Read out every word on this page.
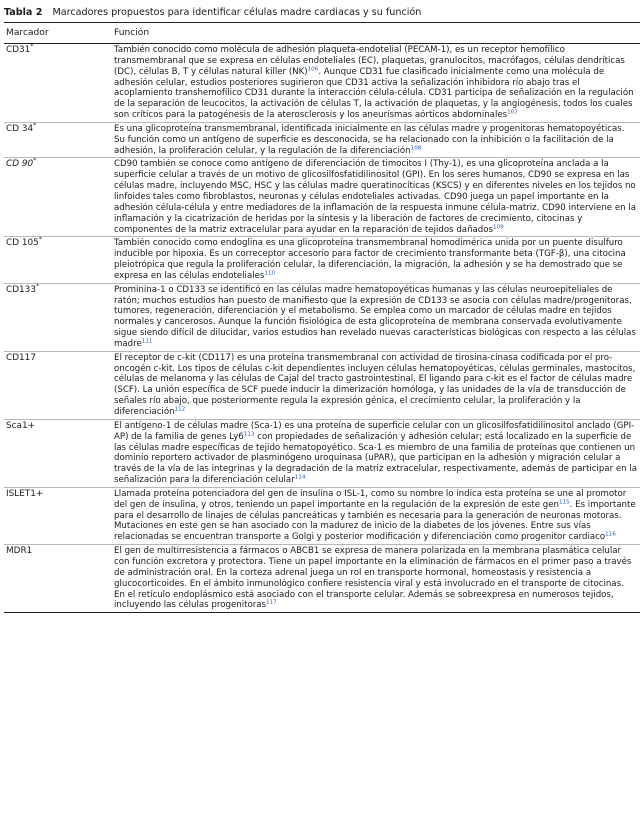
Tabla 2 Marcadores propuestos para identificar células madre cardiacas y su función
Marcador	Función
CD31*	También conocido como molécula de adhesión plaqueta-endotelial (PECAM-1), es un receptor hemofílico transmembranal que se expresa en células endoteliales (EC), plaquetas, granulocitos, macrófagos, células dendríticas (DC), células B, T y células natural killer (NK)$^{106}$. Aunque CD31 fue clasificado inicialmente como una molécula de adhesión celular, estudios posteriores sugirieron que CD31 activa la señalización inhibidora río abajo tras el acoplamiento transhemofílico CD31 durante la interacción célula-célula. CD31 participa de señalización en la regulación de la separación de leucocitos, la activación de células T, la activación de plaquetas, y la angiogénesis, todos los cuales son críticos para la patogénesis de la aterosclerosis y los aneurismas aórticos abdominales$^{107}$
CD 34*	Es una glicoproteína transmembranal, identificada inicialmente en las células madre y progenitoras hematopoyéticas. Su función como un antígeno de superficie es desconocida, se ha relacionado con la inhibición o la facilitación de la adhesión, la proliferación celular, y la regulación de la diferenciación$^{108}$
CD 90*	CD90 también se conoce como antígeno de diferenciación de timocitos I (Thy-1), es una glicoproteína anclada a la superficie celular a través de un motivo de glicosilfosfatidilinositol (GPI). En los seres humanos, CD90 se expresa en las células madre, incluyendo MSC, HSC y las células madre queratinocíticas (KSCS) y en diferentes niveles en los tejidos no linfoides tales como fibroblastos, neuronas y células endoteliales activadas. CD90 juega un papel importante en la adhesión célula-célula y entre mediadores de la inflamación de la respuesta inmune célula-matriz. CD90 interviene en la inflamación y la cicatrización de heridas por la síntesis y la liberación de factores de crecimiento, citocinas y componentes de la matriz extracelular para ayudar en la reparación de tejidos dañados$^{109}$
CD 105*	También conocido como endoglina es una glicoproteína transmembranal homodimérica unida por un puente disulfuro inducible por hipoxia. Es un correceptor accesorio para factor de crecimiento transformante beta (TGF-β), una citocina pleiotrópica que regula la proliferación celular, la diferenciación, la migración, la adhesión y se ha demostrado que se expresa en las células endoteliales$^{110}$
CD133*	Prominina-1 o CD133 se identificó en las células madre hematopoyéticas humanas y las células neuroepiteliales de ratón; muchos estudios han puesto de manifiesto que la expresión de CD133 se asocia con células madre/progenitoras, tumores, regeneración, diferenciación y el metabolismo. Se emplea como un marcador de células madre en tejidos normales y cancerosos. Aunque la función fisiológica de esta glicoproteína de membrana conservada evolutivamente sigue siendo difícil de dilucidar, varios estudios han revelado nuevas características biológicas con respecto a las células madre$^{111}$
CD117	El receptor de c-kit (CD117) es una proteína transmembranal con actividad de tirosina-cinasa codificada por el pro-oncogén c-kit. Los tipos de células c-kit dependientes incluyen células hematopoyéticas, células germinales, mastocitos, células de melanoma y las células de Cajal del tracto gastrointestinal. El ligando para c-kit es el factor de células madre (SCF). La unión específica de SCF puede inducir la dimerización homóloga, y las unidades de la vía de transducción de señales río abajo, que posteriormente regula la expresión génica, el crecimiento celular, la proliferación y la diferenciación$^{112}$
Sca1+	El antígeno-1 de células madre (Sca-1) es una proteína de superficie celular con un glicosilfosfatidilinositol anclado (GPI-AP) de la familia de genes $Ly6^{113}$ con propiedades de señalización y adhesión celular; está localizado en la superficie de las células madre específicas de tejido hematopoyético. Sca-1 es miembro de una familia de proteínas que contienen un dominio reportero activador de plasminógeno uroquinasa (uPAR), que participan en la adhesión y migración celular a través de la vía de las integrinas y la degradación de la matriz extracelular, respectivamente, además de participar en la señalización para la diferenciación celular$^{114}$
ISLET1+	Llamada proteína potenciadora del gen de insulina o ISL-1, como su nombre lo indica esta proteína se une al promotor del gen de insulina, y otros, teniendo un papel importante en la regulación de la expresión de este gen$^{115}$. Es importante para el desarrollo de linajes de células pancreáticas y también es necesaria para la generación de neuronas motoras. Mutaciones en este gen se han asociado con la madurez de inicio de la diabetes de los jóvenes. Entre sus vías relacionadas se encuentran transporte a Golgi y posterior modificación y diferenciación como progenitor cardiaco$^{116}$
MDR1	El gen de multirresistencia a fármacos o ABCB1 se expresa de manera polarizada en la membrana plasmática celular con función excretora y protectora. Tiene un papel importante en la eliminación de fármacos en el primer paso a través de administración oral. En la corteza adrenal juega un rol en transporte hormonal, homeostasis y resistencia a glucocorticoides. En el ámbito inmunológico confiere resistencia viral y está involucrado en el transporte de citocinas. En el retículo endoplásmico está asociado con el transporte celular. Además se sobreexpresa en numerosos tejidos, incluyendo las células progenitoras$^{117}$
